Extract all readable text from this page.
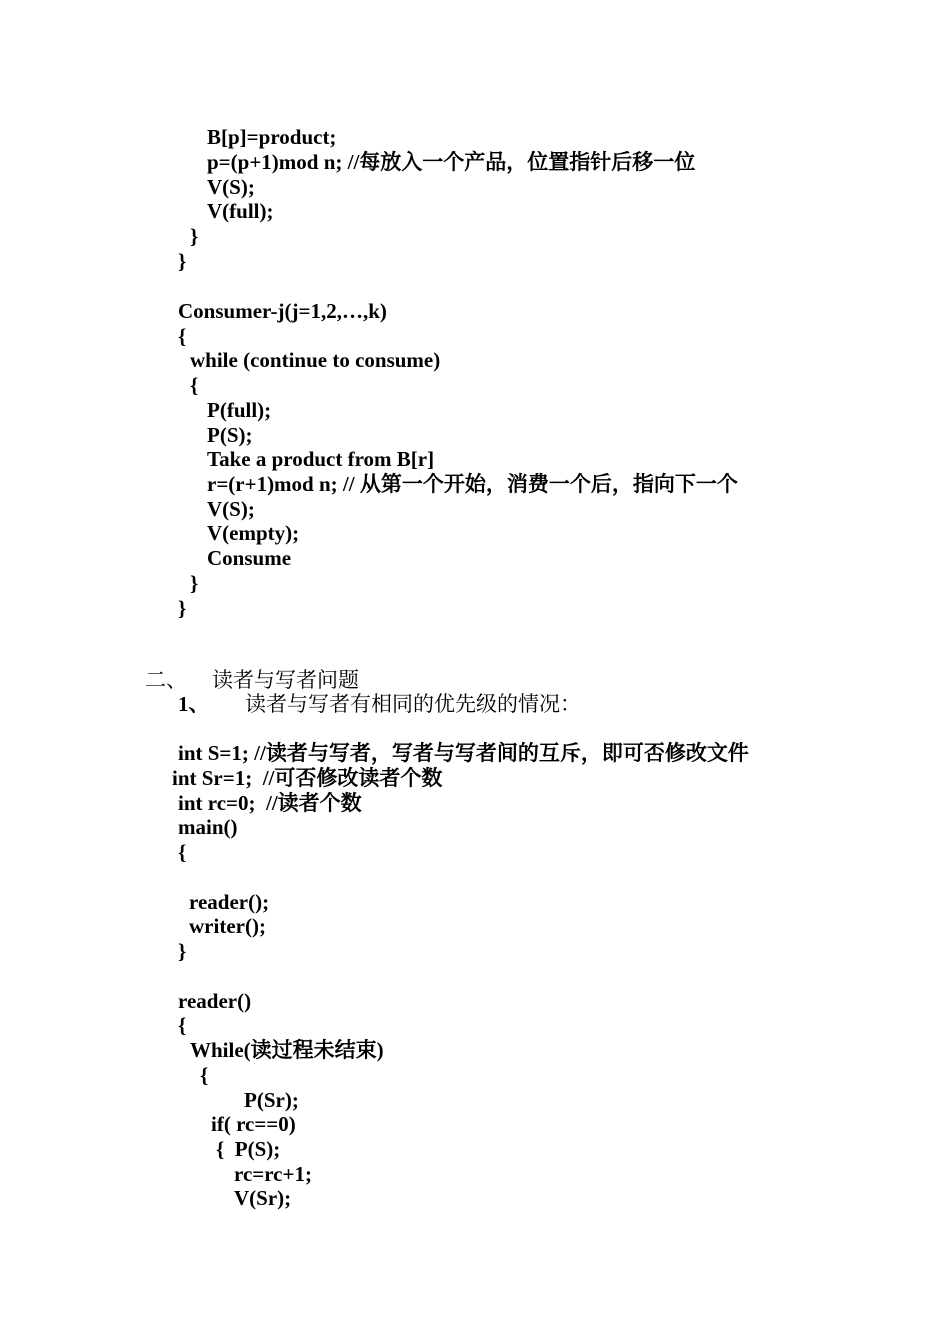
B[p]=product;
p=(p+1)mod n; //每放入一个产品，位置指针后移一位
V(S);
V(full);
}
}
Consumer-j(j=1,2,…,k)
{
while (continue to consume)
{
P(full);
P(S);
Take a product from B[r]
r=(r+1)mod n; // 从第一个开始，消费一个后，指向下一个
V(S);
V(empty);
Consume
}
}
二、 读者与写者问题
1、 读者与写者有相同的优先级的情况：
int S=1; //读者与写者，写者与写者间的互斥，即可否修改文件
int Sr=1;  //可否修改读者个数
int rc=0;  //读者个数
main()
{
reader();
writer();
}
reader()
{
While(读过程未结束)
{
P(Sr);
if( rc==0)
{  P(S);
rc=rc+1;
V(Sr);
